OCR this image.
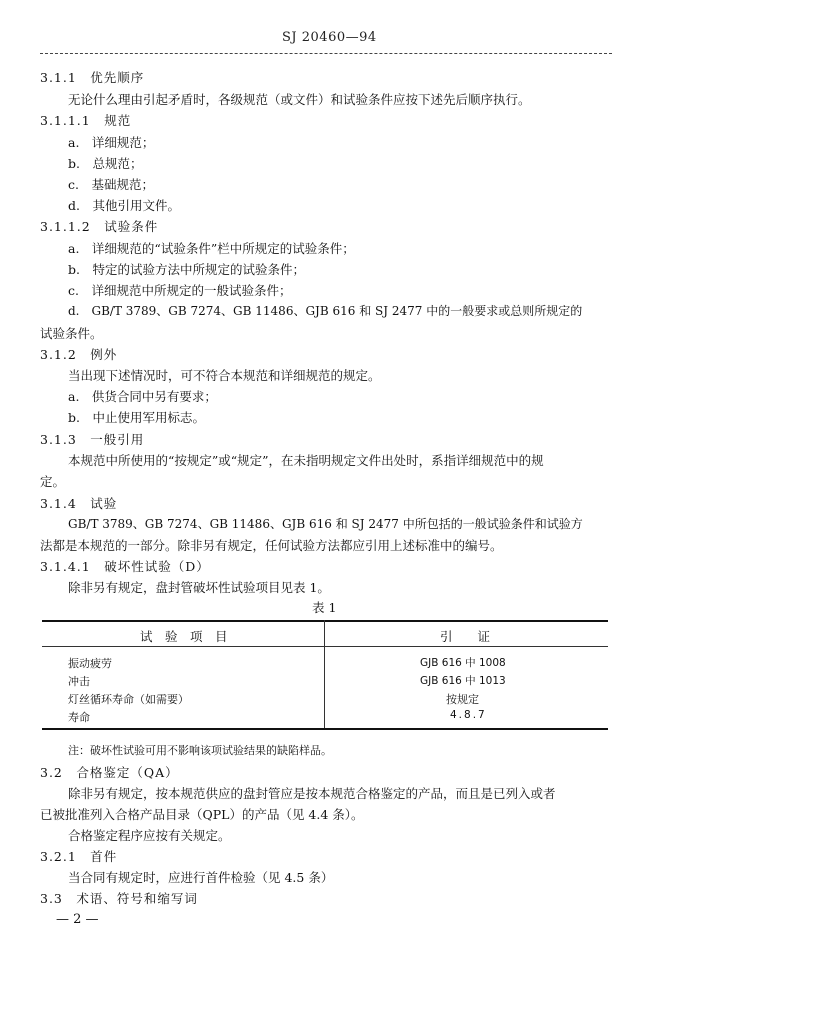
SJ 20460—94
3.1.1　优先顺序
无论什么理由引起矛盾时，各级规范（或文件）和试验条件应按下述先后顺序执行。
3.1.1.1　规范
a.　详细规范；
b.　总规范；
c.　基础规范；
d.　其他引用文件。
3.1.1.2　试验条件
a.　详细规范的“试验条件”栏中所规定的试验条件；
b.　特定的试验方法中所规定的试验条件；
c.　详细规范中所规定的一般试验条件；
d.　GB/T 3789、GB 7274、GB 11486、GJB 616 和 SJ 2477 中的一般要求或总则所规定的
试验条件。
3.1.2　例外
当出现下述情况时，可不符合本规范和详细规范的规定。
a.　供货合同中另有要求；
b.　中止使用军用标志。
3.1.3　一般引用
本规范中所使用的“按规定”或“规定”，在未指明规定文件出处时，系指详细规范中的规
定。
3.1.4　试验
GB/T 3789、GB 7274、GB 11486、GJB 616 和 SJ 2477 中所包括的一般试验条件和试验方
法都是本规范的一部分。除非另有规定，任何试验方法都应引用上述标准中的编号。
3.1.4.1　破坏性试验（D）
除非另有规定，盘封管破坏性试验项目见表 1。
表 1
试　验　项　目	引　　证
振动疲劳	GJB 616 中 1008
冲击	GJB 616 中 1013
灯丝循环寿命（如需要）	按规定
寿命	4.8.7
注：破坏性试验可用不影响该项试验结果的缺陷样品。
3.2　合格鉴定（QA）
除非另有规定，按本规范供应的盘封管应是按本规范合格鉴定的产品，而且是已列入或者
已被批准列入合格产品目录（QPL）的产品（见 4.4 条）。
合格鉴定程序应按有关规定。
3.2.1　首件
当合同有规定时，应进行首件检验（见 4.5 条）
3.3　术语、符号和缩写词
— 2 —
